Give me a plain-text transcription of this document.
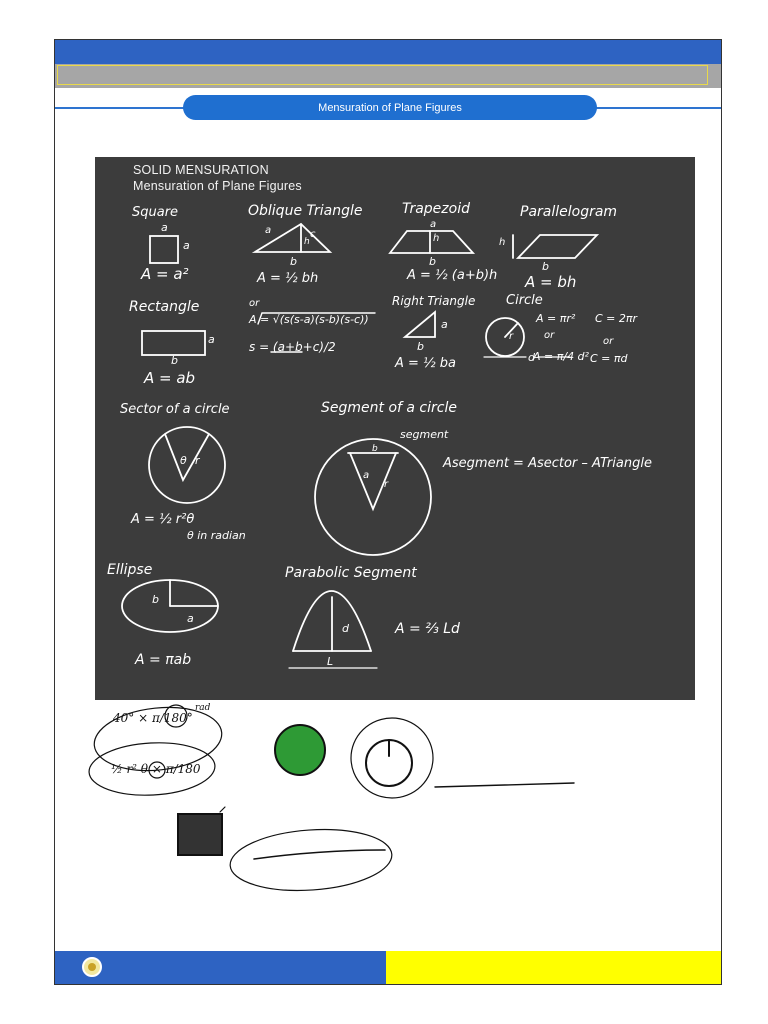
Mensuration of Plane Figures
SOLID MENSURATION
Mensuration of Plane Figures
Square
a
a
A = a²
Oblique Triangle
a	c
h
b
A = ½ bh
or
A = √(s(s-a)(s-b)(s-c))
s = (a+b+c)/2
Trapezoid
a
h
b
A = ½ (a+b)h
Parallelogram
h
b
A = bh
Rectangle
a
b
A = ab
Right Triangle
a
b
A = ½ ba
Circle
r
d
A = πr² C = 2πr
or
or
A = π/4 d² C = πd
Sector of a circle
θ r
A = ½ r²θ
θ in radian
Segment of a circle
segment
b
a
r
Asegment = Asector – ATriangle
Ellipse
b
a
A = πab
Parabolic Segment
d
L
A = ⅔ Ld
40° × π/180°
rad
½ r² θ × π/180
